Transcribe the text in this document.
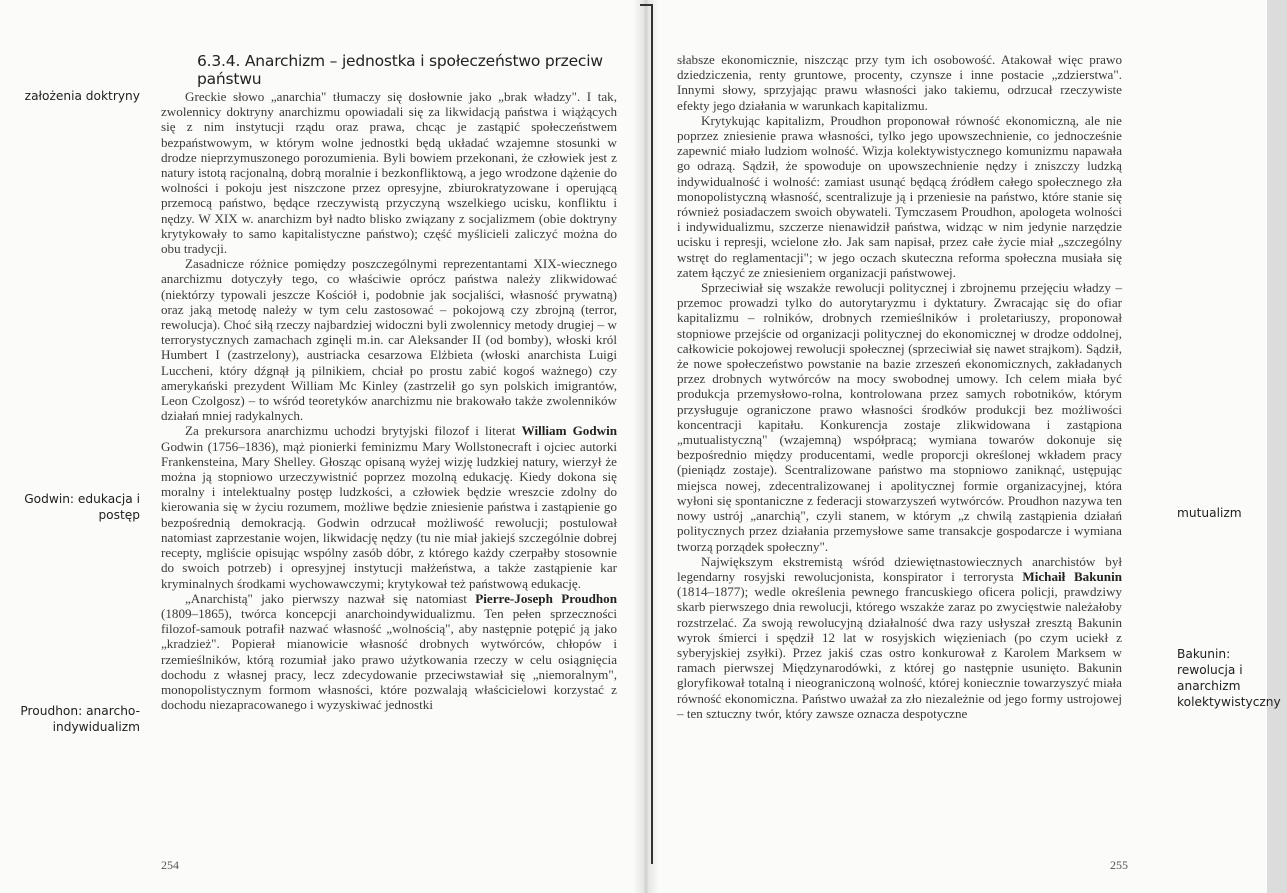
6.3.4. Anarchizm – jednostka i społeczeństwo przeciw państwu
założenia doktryny
Godwin: edukacja i postęp
Proudhon: anarcho-indywidualizm

Greckie słowo „anarchia" tłumaczy się dosłownie jako „brak władzy". I tak, zwolennicy doktryny anarchizmu opowiadali się za likwidacją państwa i wiążących się z nim instytucji rządu oraz prawa, chcąc je zastąpić społeczeństwem bezpaństwowym, w którym wolne jednostki będą układać wzajemne stosunki w drodze nieprzymuszonego porozumienia. Byli bowiem przekonani, że człowiek jest z natury istotą racjonalną, dobrą moralnie i bezkonfliktową, a jego wrodzone dążenie do wolności i pokoju jest niszczone przez opresyjne, zbiurokratyzowane i operującą przemocą państwo, będące rzeczywistą przyczyną wszelkiego ucisku, konfliktu i nędzy. W XIX w. anarchizm był nadto blisko związany z socjalizmem (obie doktryny krytykowały to samo kapitalistyczne państwo); część myślicieli zaliczyć można do obu tradycji.

Zasadnicze różnice pomiędzy poszczególnymi reprezentantami XIX-wiecznego anarchizmu dotyczyły tego, co właściwie oprócz państwa należy zlikwidować (niektórzy typowali jeszcze Kościół i, podobnie jak socjaliści, własność prywatną) oraz jaką metodę należy w tym celu zastosować – pokojową czy zbrojną (terror, rewolucja). Choć siłą rzeczy najbardziej widoczni byli zwolennicy metody drugiej – w terrorystycznych zamachach zginęli m.in. car Aleksander II (od bomby), włoski król Humbert I (zastrzelony), austriacka cesarzowa Elżbieta (włoski anarchista Luigi Luccheni, który dźgnął ją pilnikiem, chciał po prostu zabić kogoś ważnego) czy amerykański prezydent William Mc Kinley (zastrzelił go syn polskich imigrantów, Leon Czolgosz) – to wśród teoretyków anarchizmu nie brakowało także zwolenników działań mniej radykalnych.

Za prekursora anarchizmu uchodzi brytyjski filozof i literat William Godwin Godwin (1756–1836), mąż pionierki feminizmu Mary Wollstonecraft i ojciec autorki Frankensteina, Mary Shelley. Głosząc opisaną wyżej wizję ludzkiej natury, wierzył że można ją stopniowo urzeczywistnić poprzez mozolną edukację. Kiedy dokona się moralny i intelektualny postęp ludzkości, a człowiek będzie wreszcie zdolny do kierowania się w życiu rozumem, możliwe będzie zniesienie państwa i zastąpienie go bezpośrednią demokracją. Godwin odrzucał możliwość rewolucji; postulował natomiast zaprzestanie wojen, likwidację nędzy (tu nie miał jakiejś szczególnie dobrej recepty, mgliście opisując wspólny zasób dóbr, z którego każdy czerpałby stosownie do swoich potrzeb) i opresyjnej instytucji małżeństwa, a także zastąpienie kar kryminalnych środkami wychowawczymi; krytykował też państwową edukację.

„Anarchistą" jako pierwszy nazwał się natomiast Pierre-Joseph Proudhon (1809–1865), twórca koncepcji anarchoindywidualizmu. Ten pełen sprzeczności filozof-samouk potrafił nazwać własność „wolnością", aby następnie potępić ją jako „kradzież". Popierał mianowicie własność drobnych wytwórców, chłopów i rzemieślników, którą rozumiał jako prawo użytkowania rzeczy w celu osiągnięcia dochodu z własnej pracy, lecz zdecydowanie przeciwstawiał się „niemoralnym", monopolistycznym formom własności, które pozwalają właścicielowi korzystać z dochodu niezapracowanego i wyzyskiwać jednostki

254

słabsze ekonomicznie, niszcząc przy tym ich osobowość. Atakował więc prawo dziedziczenia, renty gruntowe, procenty, czynsze i inne postacie „zdzierstwa". Innymi słowy, sprzyjając prawu własności jako takiemu, odrzucał rzeczywiste efekty jego działania w warunkach kapitalizmu.

Krytykując kapitalizm, Proudhon proponował równość ekonomiczną, ale nie poprzez zniesienie prawa własności, tylko jego upowszechnienie, co jednocześnie zapewnić miało ludziom wolność. Wizja kolektywistycznego komunizmu napawała go odrazą. Sądził, że spowoduje on upowszechnienie nędzy i zniszczy ludzką indywidualność i wolność: zamiast usunąć będącą źródłem całego społecznego zła monopolistyczną własność, scentralizuje ją i przeniesie na państwo, które stanie się również posiadaczem swoich obywateli. Tymczasem Proudhon, apologeta wolności i indywidualizmu, szczerze nienawidził państwa, widząc w nim jedynie narzędzie ucisku i represji, wcielone zło. Jak sam napisał, przez całe życie miał „szczególny wstręt do reglamentacji"; w jego oczach skuteczna reforma społeczna musiała się zatem łączyć ze zniesieniem organizacji państwowej.

Sprzeciwiał się wszakże rewolucji politycznej i zbrojnemu przejęciu władzy – przemoc prowadzi tylko do autorytaryzmu i dyktatury. Zwracając się do ofiar kapitalizmu – rolników, drobnych rzemieślników i proletariuszy, proponował stopniowe przejście od organizacji politycznej do ekonomicznej w drodze oddolnej, całkowicie pokojowej rewolucji społecznej (sprzeciwiał się nawet strajkom). Sądził, że nowe społeczeństwo powstanie na bazie zrzeszeń ekonomicznych, zakładanych przez drobnych wytwórców na mocy swobodnej umowy. Ich celem miała być produkcja przemysłowo-rolna, kontrolowana przez samych robotników, którym przysługuje ograniczone prawo własności środków produkcji bez możliwości koncentracji kapitału. Konkurencja zostaje zlikwidowana i zastąpiona „mutualistyczną" (wzajemną) współpracą; wymiana towarów dokonuje się bezpośrednio między producentami, wedle proporcji określonej wkładem pracy (pieniądz zostaje). Scentralizowane państwo ma stopniowo zaniknąć, ustępując miejsca nowej, zdecentralizowanej i apolitycznej formie organizacyjnej, która wyłoni się spontaniczne z federacji stowarzyszeń wytwórców. Proudhon nazywa ten nowy ustrój „anarchią", czyli stanem, w którym „z chwilą zastąpienia działań politycznych przez działania przemysłowe same transakcje gospodarcze i wymiana tworzą porządek społeczny".

Największym ekstremistą wśród dziewiętnastowiecznych anarchistów był legendarny rosyjski rewolucjonista, konspirator i terrorysta Michaił Bakunin (1814–1877); wedle określenia pewnego francuskiego oficera policji, prawdziwy skarb pierwszego dnia rewolucji, którego wszakże zaraz po zwycięstwie należałoby rozstrzelać. Za swoją rewolucyjną działalność dwa razy usłyszał zresztą Bakunin wyrok śmierci i spędził 12 lat w rosyjskich więzieniach (po czym uciekł z syberyjskiej zsyłki). Przez jakiś czas ostro konkurował z Karolem Marksem w ramach pierwszej Międzynarodówki, z której go następnie usunięto. Bakunin gloryfikował totalną i nieograniczoną wolność, której koniecznie towarzyszyć miała równość ekonomiczna. Państwo uważał za zło niezależnie od jego formy ustrojowej – ten sztuczny twór, który zawsze oznacza despotyczne

mutualizm
Bakunin: rewolucja i anarchizm kolektywistyczny
255
